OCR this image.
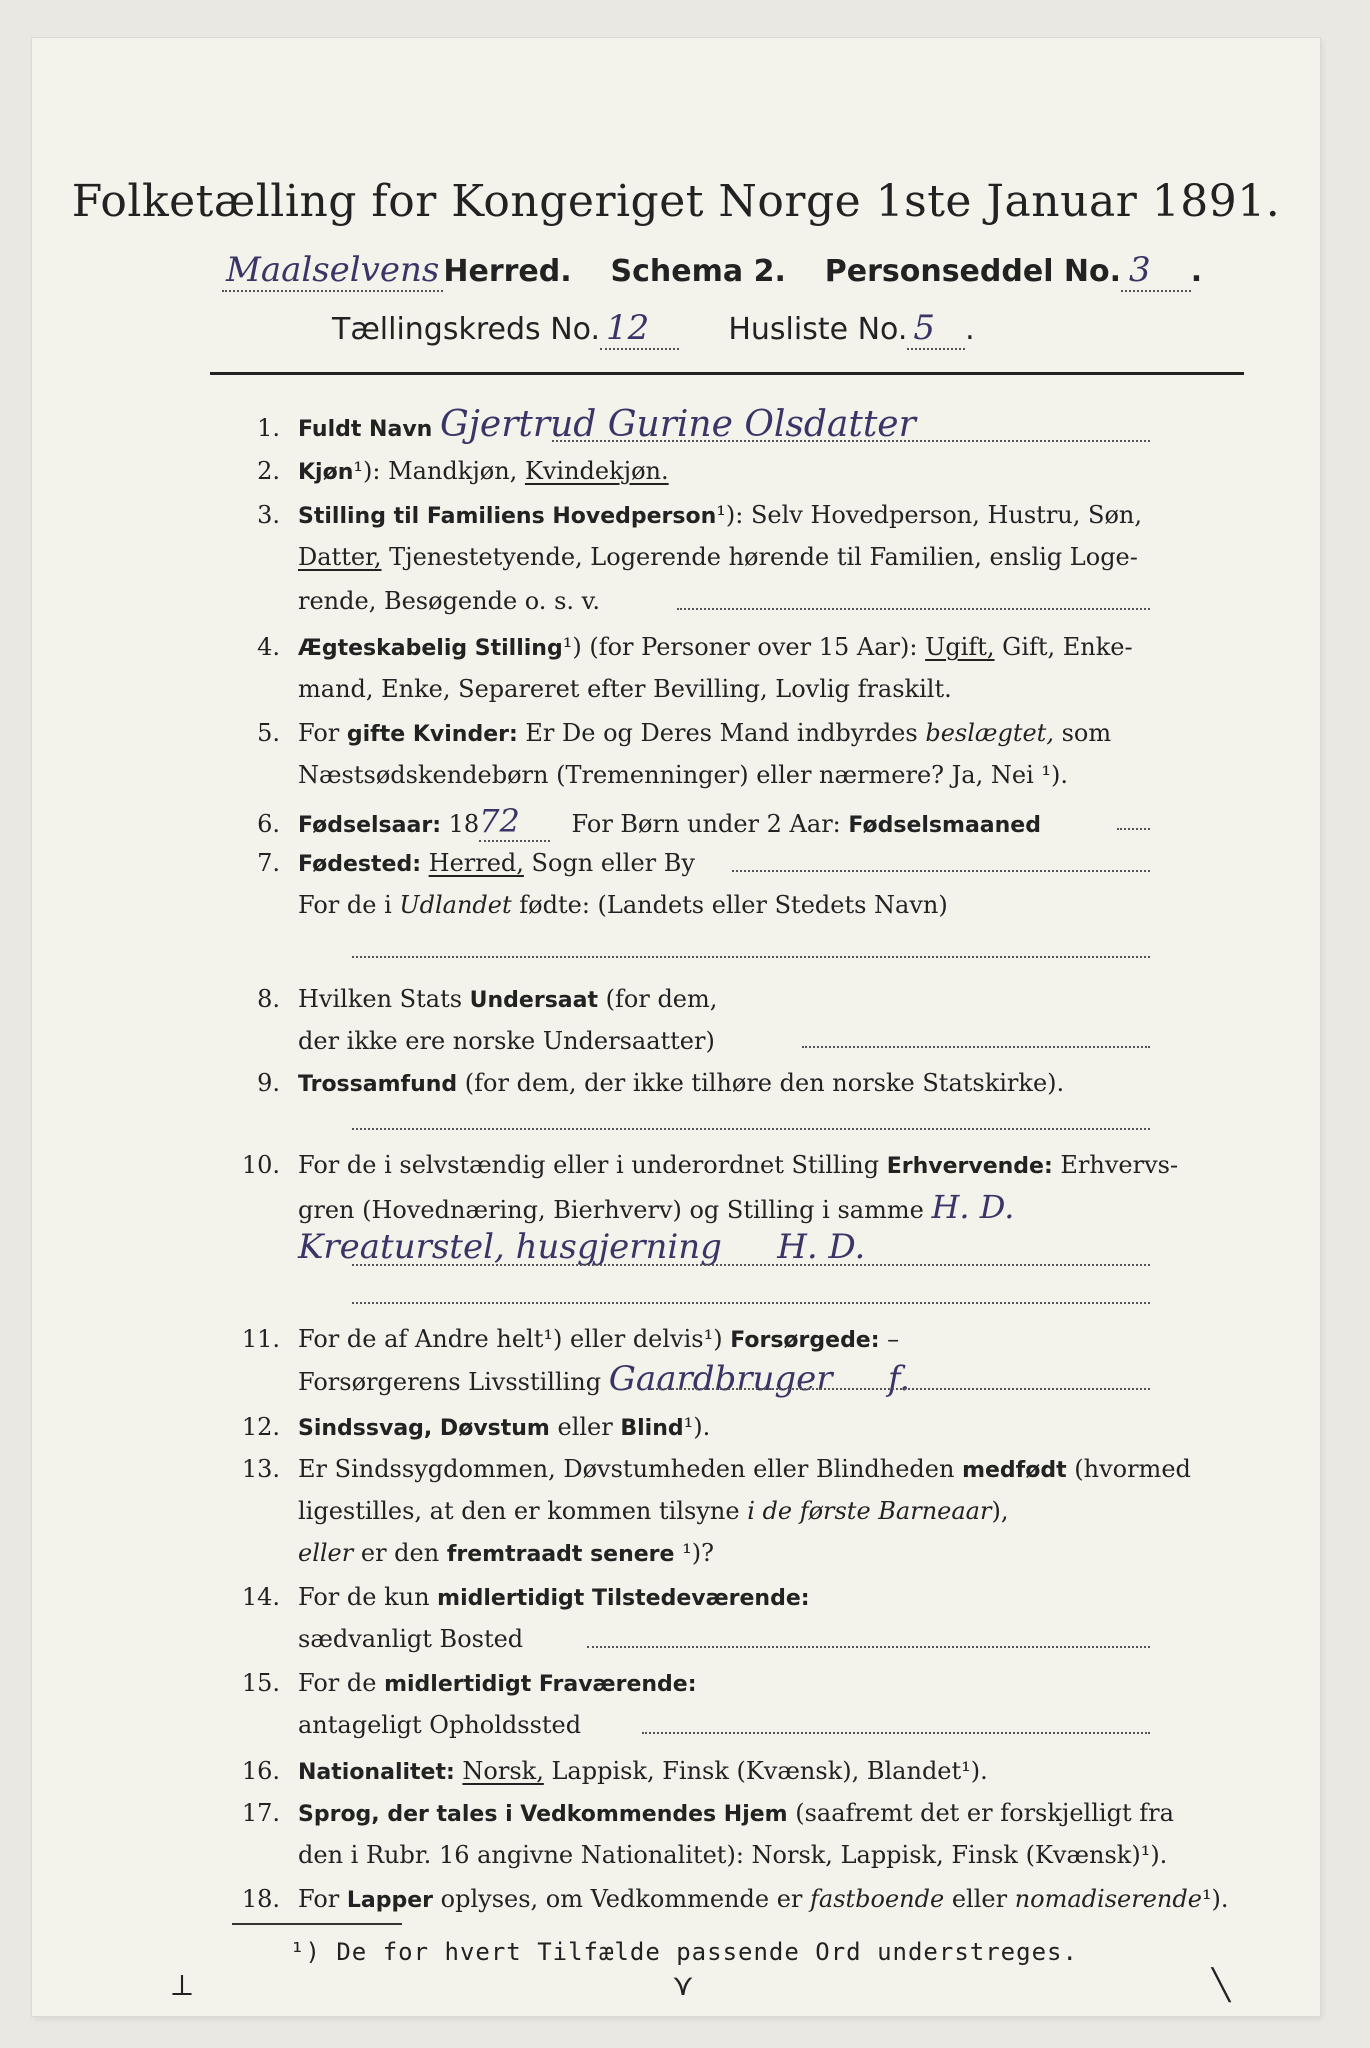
Folketælling for Kongeriget Norge 1ste Januar 1891.
Maalselvens Herred. Schema 2. Personseddel No. 3 .
Tællingskreds No. 12	Husliste No. 5 .
1. Fuldt Navn Gjertrud Gurine Olsdatter
2. Kjøn¹): Mandkjøn, Kvindekjøn.
3. Stilling til Familiens Hovedperson¹): Selv Hovedperson, Hustru, Søn,
Datter, Tjenestetyende, Logerende hørende til Familien, enslig Loge-
rende, Besøgende o. s. v.
4. Ægteskabelig Stilling¹) (for Personer over 15 Aar): Ugift, Gift, Enke-
mand, Enke, Separeret efter Bevilling, Lovlig fraskilt.
5. For gifte Kvinder: Er De og Deres Mand indbyrdes beslægtet, som
Næstsødskendebørn (Tremenninger) eller nærmere? Ja, Nei ¹).
6. Fødselsaar: 1872 For Børn under 2 Aar: Fødselsmaaned
7. Fødested: Herred, Sogn eller By
For de i Udlandet fødte: (Landets eller Stedets Navn)
8. Hvilken Stats Undersaat (for dem,
der ikke ere norske Undersaatter)
9. Trossamfund (for dem, der ikke tilhøre den norske Statskirke).
10. For de i selvstændig eller i underordnet Stilling Erhvervende: Erhvervs-
gren (Hovednæring, Bierhverv) og Stilling i samme H. D.
Kreaturstel, husgjerning H. D.
11. For de af Andre helt¹) eller delvis¹) Forsørgede: –
Forsørgerens Livsstilling Gaardbruger f.
12. Sindssvag, Døvstum eller Blind¹).
13. Er Sindssygdommen, Døvstumheden eller Blindheden medfødt (hvormed
ligestilles, at den er kommen tilsyne i de første Barneaar),
eller er den fremtraadt senere ¹)?
14. For de kun midlertidigt Tilstedeværende:
sædvanligt Bosted
15. For de midlertidigt Fraværende:
antageligt Opholdssted
16. Nationalitet: Norsk, Lappisk, Finsk (Kvænsk), Blandet¹).
17. Sprog, der tales i Vedkommendes Hjem (saafremt det er forskjelligt fra
den i Rubr. 16 angivne Nationalitet): Norsk, Lappisk, Finsk (Kvænsk)¹).
18. For Lapper oplyses, om Vedkommende er fastboende eller nomadiserende¹).
¹) De for hvert Tilfælde passende Ord understreges.
⟂	⋎	╲
